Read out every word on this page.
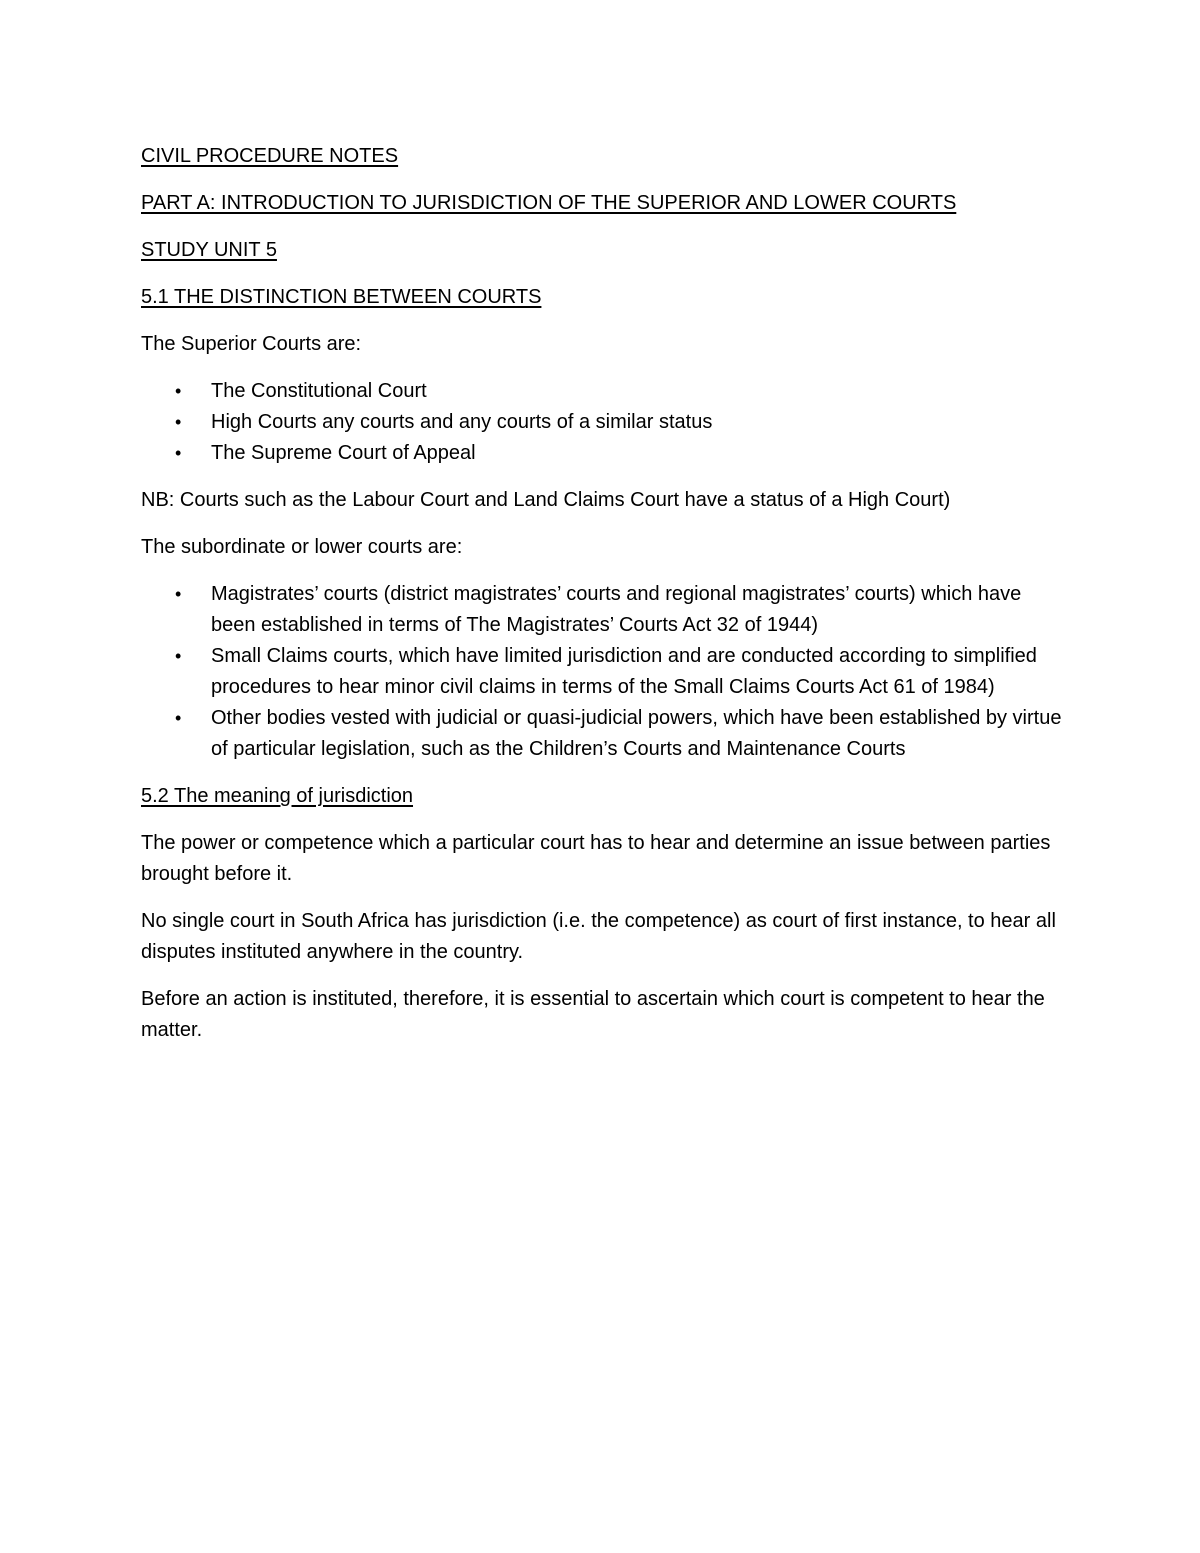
CIVIL PROCEDURE NOTES
PART A: INTRODUCTION TO JURISDICTION OF THE SUPERIOR AND LOWER COURTS
STUDY UNIT 5
5.1 THE DISTINCTION BETWEEN COURTS
The Superior Courts are:
• The Constitutional Court
• High Courts any courts and any courts of a similar status
• The Supreme Court of Appeal
NB: Courts such as the Labour Court and Land Claims Court have a status of a High Court)
The subordinate or lower courts are:
• Magistrates’ courts (district magistrates’ courts and regional magistrates’ courts) which have been established in terms of The Magistrates’ Courts Act 32 of 1944)
• Small Claims courts, which have limited jurisdiction and are conducted according to simplified procedures to hear minor civil claims in terms of the Small Claims Courts Act 61 of 1984)
• Other bodies vested with judicial or quasi-judicial powers, which have been established by virtue of particular legislation, such as the Children’s Courts and Maintenance Courts
5.2 The meaning of jurisdiction
The power or competence which a particular court has to hear and determine an issue between parties brought before it.
No single court in South Africa has jurisdiction (i.e. the competence) as court of first instance, to hear all disputes instituted anywhere in the country.
Before an action is instituted, therefore, it is essential to ascertain which court is competent to hear the matter.
